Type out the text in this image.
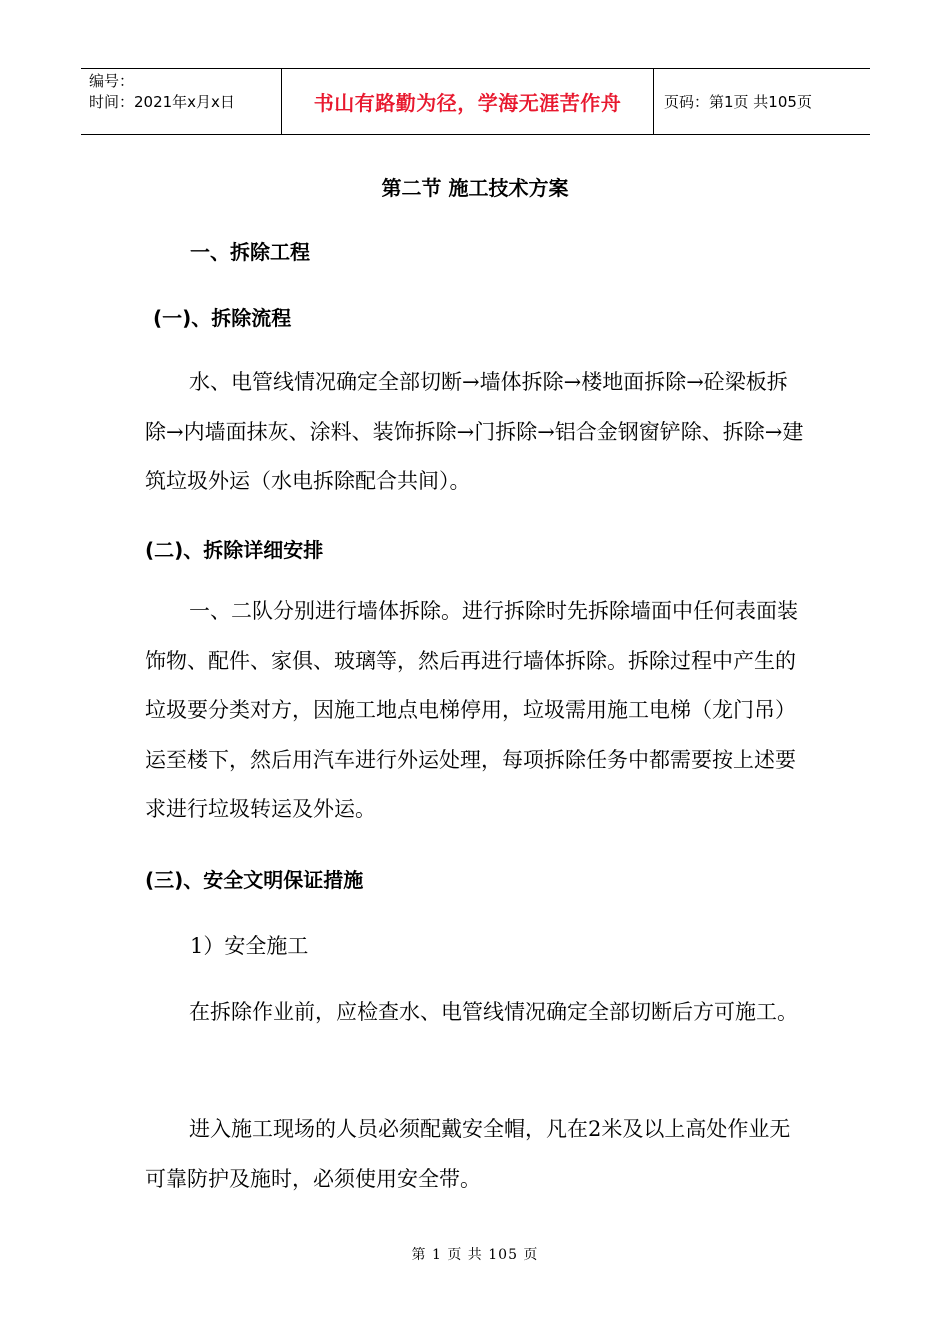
编号：
时间：2021年x月x日	书山有路勤为径，学海无涯苦作舟	页码：第1页 共105页
第二节 施工技术方案
一、拆除工程
(一)、拆除流程

水、电管线情况确定全部切断→墙体拆除→楼地面拆除→砼梁板拆除→内墙面抹灰、涂料、装饰拆除→门拆除→铝合金钢窗铲除、拆除→建筑垃圾外运（水电拆除配合共间）。

(二)、拆除详细安排

一、二队分别进行墙体拆除。进行拆除时先拆除墙面中任何表面装饰物、配件、家俱、玻璃等，然后再进行墙体拆除。拆除过程中产生的垃圾要分类对方，因施工地点电梯停用，垃圾需用施工电梯（龙门吊）运至楼下，然后用汽车进行外运处理，每项拆除任务中都需要按上述要求进行垃圾转运及外运。

(三)、安全文明保证措施
1）安全施工

在拆除作业前，应检查水、电管线情况确定全部切断后方可施工。

进入施工现场的人员必须配戴安全帽，凡在2米及以上高处作业无可靠防护及施时，必须使用安全带。

第 1 页 共 105 页
